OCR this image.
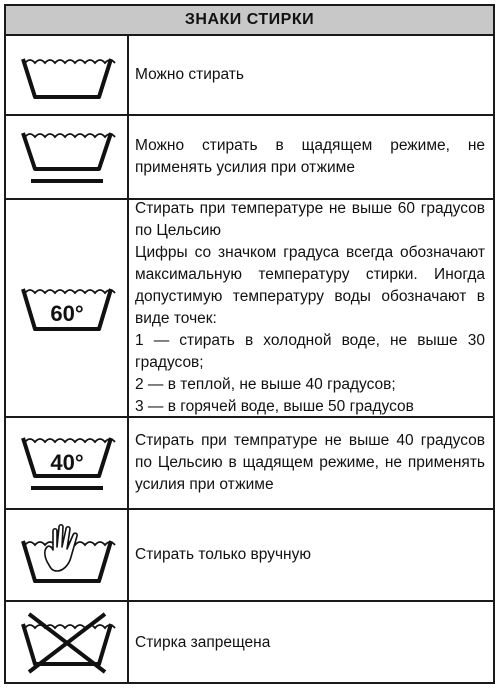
ЗНАКИ СТИРКИ

Можно стирать

Можно стирать в щадящем режиме, не применять усилия при отжиме

60°

Стирать при температуре не выше 60 градусов по Цельсию

Цифры со значком градуса всегда обозначают максимальную температуру стирки. Иногда допустимую температуру воды обозначают в виде точек:

1 — стирать в холодной воде, не выше 30 градусов;

2 — в теплой, не выше 40 градусов;

3 — в горячей воде, выше 50 градусов

40°

Стирать при темпратуре не выше 40 градусов по Цельсию в щадящем режиме, не применять усилия при отжиме

Стирать только вручную

Стирка запрещена
